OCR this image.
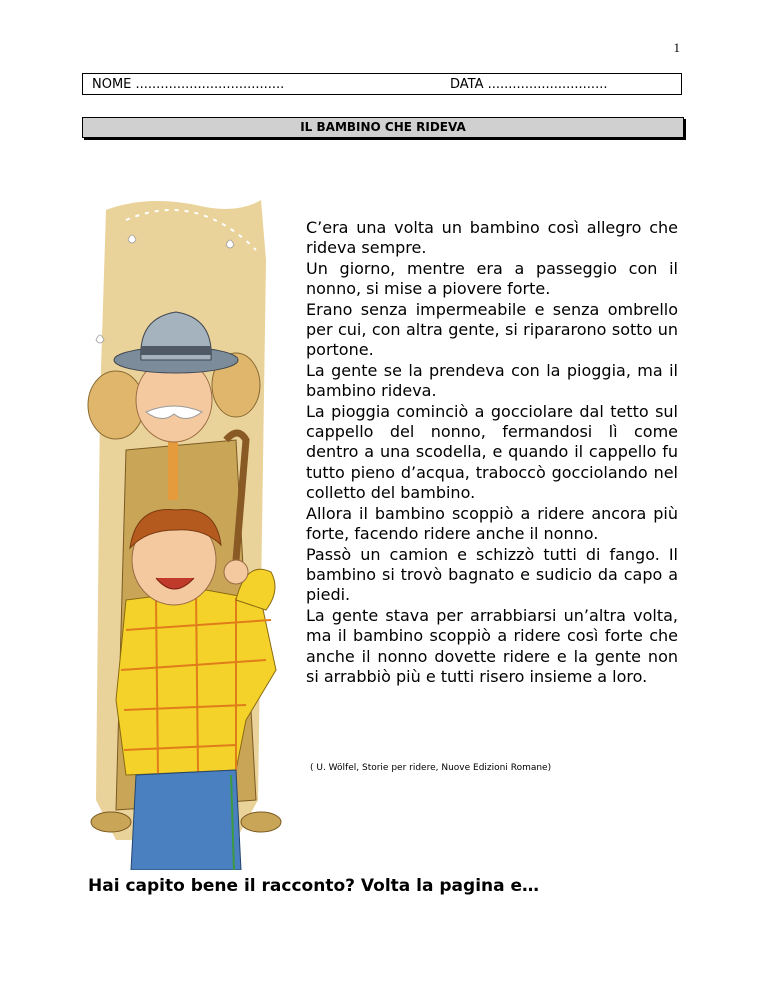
1
NOME ....................................	DATA .............................
IL BAMBINO CHE RIDEVA
C’era una volta un bambino così allegro che rideva sempre.
Un giorno, mentre era a passeggio con il nonno, si mise a piovere forte.
Erano senza impermeabile e senza ombrello per cui, con altra gente, si ripararono sotto un portone.
La gente se la prendeva con la pioggia, ma il bambino rideva.
La pioggia cominciò a gocciolare dal tetto sul cappello del nonno, fermandosi lì come dentro a una scodella, e quando il cappello fu tutto pieno d’acqua, traboccò gocciolando nel colletto del bambino.
Allora il bambino scoppiò a ridere ancora più forte, facendo ridere anche il nonno.
Passò un camion e schizzò tutti di fango. Il bambino si trovò bagnato e sudicio da capo a piedi.
La gente stava per arrabbiarsi un’altra volta, ma il bambino scoppiò a ridere così forte che anche il nonno dovette ridere e la gente non si arrabbiò più e tutti risero insieme a loro.
( U. Wölfel, Storie per ridere, Nuove Edizioni Romane)
Hai capito bene il racconto? Volta la pagina e…
